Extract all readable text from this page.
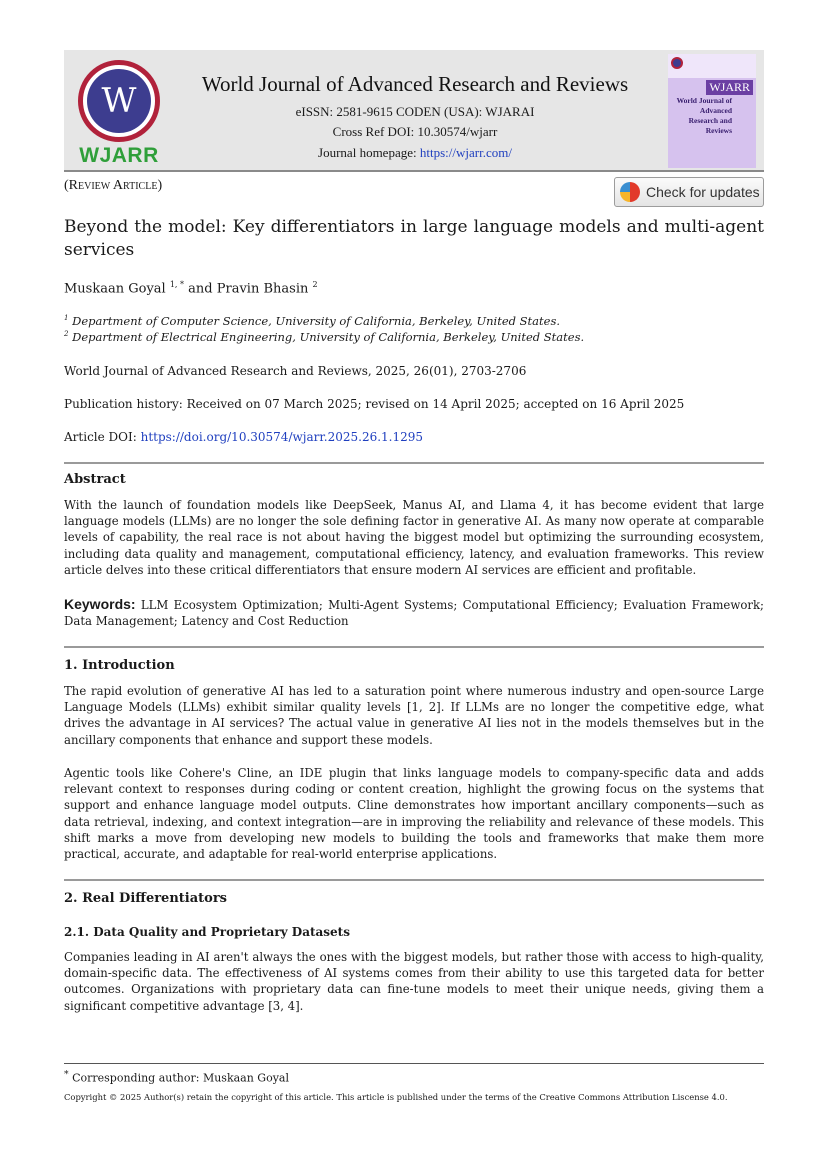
W
WJARR
World Journal of Advanced Research and Reviews
eISSN: 2581-9615 CODEN (USA): WJARAI
Cross Ref DOI: 10.30574/wjarr
Journal homepage: https://wjarr.com/
WJARR
World Journal of Advanced Research and Reviews
(Review Article)	Check for updates
Beyond the model: Key differentiators in large language models and multi-agent services
Muskaan Goyal $^{1, *}$ and Pravin Bhasin $^2$
$^1$ Department of Computer Science, University of California, Berkeley, United States.
$^2$ Department of Electrical Engineering, University of California, Berkeley, United States.
World Journal of Advanced Research and Reviews, 2025, 26(01), 2703-2706
Publication history: Received on 07 March 2025; revised on 14 April 2025; accepted on 16 April 2025
Article DOI: https://doi.org/10.30574/wjarr.2025.26.1.1295
Abstract
With the launch of foundation models like DeepSeek, Manus AI, and Llama 4, it has become evident that large language models (LLMs) are no longer the sole defining factor in generative AI. As many now operate at comparable levels of capability, the real race is not about having the biggest model but optimizing the surrounding ecosystem, including data quality and management, computational efficiency, latency, and evaluation frameworks. This review article delves into these critical differentiators that ensure modern AI services are efficient and profitable.
Keywords: LLM Ecosystem Optimization; Multi-Agent Systems; Computational Efficiency; Evaluation Framework; Data Management; Latency and Cost Reduction
1. Introduction
The rapid evolution of generative AI has led to a saturation point where numerous industry and open-source Large Language Models (LLMs) exhibit similar quality levels [1, 2]. If LLMs are no longer the competitive edge, what drives the advantage in AI services? The actual value in generative AI lies not in the models themselves but in the ancillary components that enhance and support these models.
Agentic tools like Cohere's Cline, an IDE plugin that links language models to company-specific data and adds relevant context to responses during coding or content creation, highlight the growing focus on the systems that support and enhance language model outputs. Cline demonstrates how important ancillary components—such as data retrieval, indexing, and context integration—are in improving the reliability and relevance of these models. This shift marks a move from developing new models to building the tools and frameworks that make them more practical, accurate, and adaptable for real-world enterprise applications.
2. Real Differentiators
2.1. Data Quality and Proprietary Datasets
Companies leading in AI aren't always the ones with the biggest models, but rather those with access to high-quality, domain-specific data. The effectiveness of AI systems comes from their ability to use this targeted data for better outcomes. Organizations with proprietary data can fine-tune models to meet their unique needs, giving them a significant competitive advantage [3, 4].
* Corresponding author: Muskaan Goyal
Copyright © 2025 Author(s) retain the copyright of this article. This article is published under the terms of the Creative Commons Attribution Liscense 4.0.
